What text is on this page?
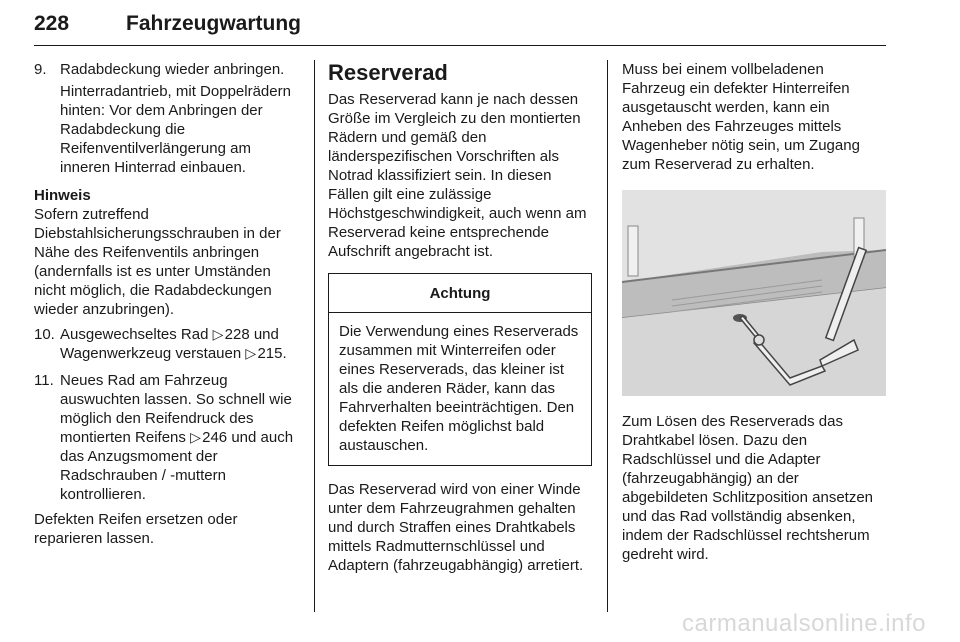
228	Fahrzeugwartung
9. Radabdeckung wieder anbringen.

Hinterradantrieb, mit Doppelrädern hinten: Vor dem Anbringen der Radabdeckung die Reifenventilverlängerung am inneren Hinterrad einbauen.

Hinweis

Sofern zutreffend Diebstahlsicherungsschrauben in der Nähe des Reifenventils anbringen (andernfalls ist es unter Umständen nicht möglich, die Radabdeckungen wieder anzubringen).

10. Ausgewechseltes Rad ▷ 228 und Wagenwerkzeug verstauen ▷ 215.

11. Neues Rad am Fahrzeug auswuchten lassen. So schnell wie möglich den Reifendruck des montierten Reifens ▷ 246 und auch das Anzugsmoment der Radschrauben / -muttern kontrollieren.

Defekten Reifen ersetzen oder reparieren lassen.

Reserverad

Das Reserverad kann je nach dessen Größe im Vergleich zu den montierten Rädern und gemäß den länderspezifischen Vorschriften als Notrad klassifiziert sein. In diesen Fällen gilt eine zulässige Höchstgeschwindigkeit, auch wenn am Reserverad keine entsprechende Aufschrift angebracht ist.

Achtung
Die Verwendung eines Reserverads zusammen mit Winterreifen oder eines Reserverads, das kleiner ist als die anderen Räder, kann das Fahrverhalten beeinträchtigen. Den defekten Reifen möglichst bald austauschen.

Das Reserverad wird von einer Winde unter dem Fahrzeugrahmen gehalten und durch Straffen eines Drahtkabels mittels Radmutternschlüssel und Adaptern (fahrzeugabhängig) arretiert.

Muss bei einem vollbeladenen Fahrzeug ein defekter Hinterreifen ausgetauscht werden, kann ein Anheben des Fahrzeuges mittels Wagenheber nötig sein, um Zugang zum Reserverad zu erhalten.

Zum Lösen des Reserverads das Drahtkabel lösen. Dazu den Radschlüssel und die Adapter (fahrzeugabhängig) an der abgebildeten Schlitzposition ansetzen und das Rad vollständig absenken, indem der Radschlüssel rechtsherum gedreht wird.

carmanualsonline.info
